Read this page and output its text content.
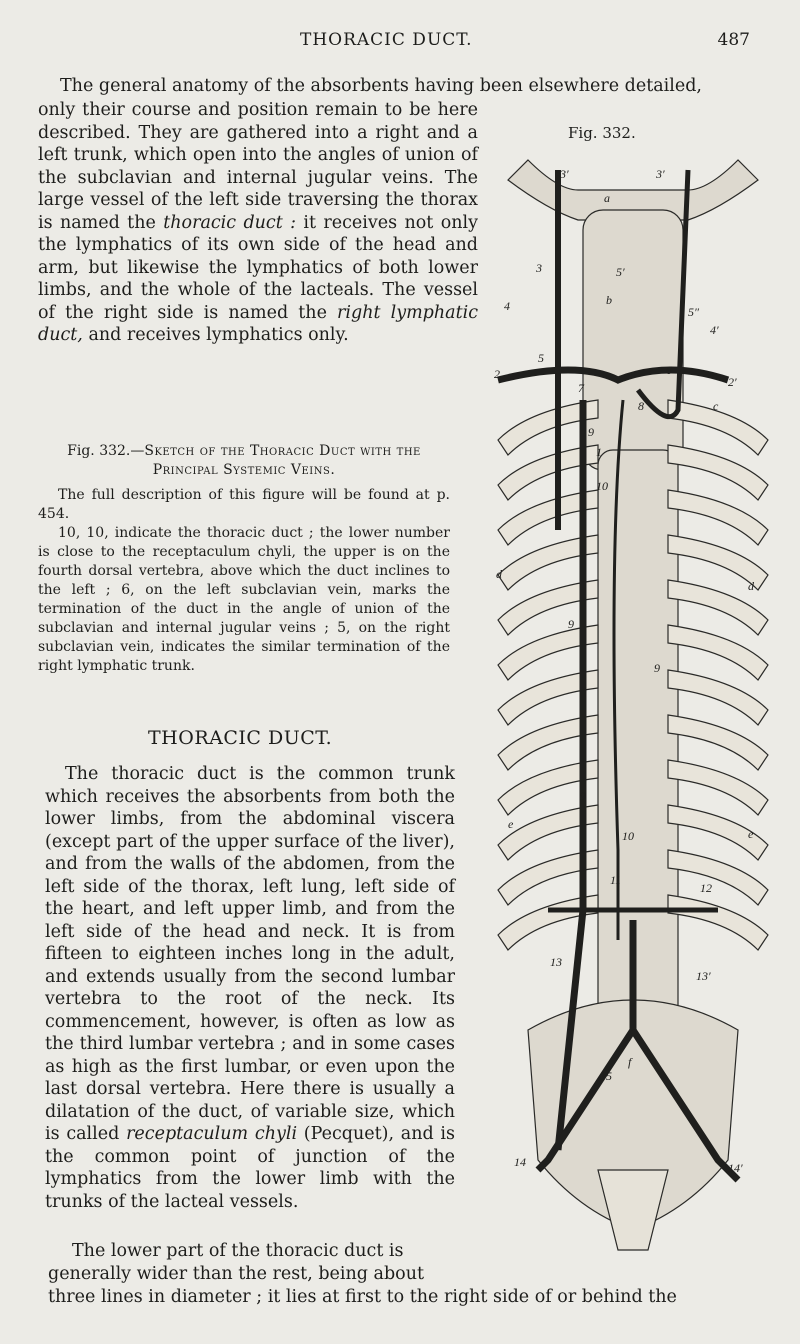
THORACIC DUCT.	487
The general anatomy of the absorbents having been elsewhere detailed,
only their course and position remain to be here described. They are gathered into a right and a left trunk, which open into the angles of union of the subclavian and internal jugular veins. The large vessel of the left side traversing the thorax is named the thoracic duct : it receives not only the lymphatics of its own side of the head and arm, but likewise the lymphatics of both lower limbs, and the whole of the lacteals. The vessel of the right side is named the right lymphatic duct, and receives lymphatics only.
Fig. 332.—Sketch of the Thoracic Duct with the Principal Systemic Veins.

The full description of this figure will be found at p. 454.

10, 10, indicate the thoracic duct ; the lower number is close to the receptaculum chyli, the upper is on the fourth dorsal vertebra, above which the duct inclines to the left ; 6, on the left subclavian vein, marks the termination of the duct in the angle of union of the subclavian and internal jugular veins ; 5, on the right subclavian vein, indicates the similar termination of the right lymphatic trunk.

THORACIC DUCT.

The thoracic duct is the common trunk which receives the absorbents from both the lower limbs, from the abdominal viscera (except part of the upper surface of the liver), and from the walls of the abdomen, from the left side of the thorax, left lung, left side of the heart, and left upper limb, and from the left side of the head and neck. It is from fifteen to eighteen inches long in the adult, and extends usually from the second lumbar vertebra to the root of the neck. Its commencement, however, is often as low as the third lumbar vertebra ; and in some cases as high as the first lumbar, or even upon the last dorsal vertebra. Here there is usually a dilatation of the duct, of variable size, which is called receptaculum chyli (Pecquet), and is the common point of junction of the lymphatics from the lower limb with the trunks of the lacteal vessels.

The lower part of the thoracic duct is
generally wider than the rest, being about
three lines in diameter ; it lies at first to the right side of or behind the
Fig. 332.
3′	3′
a
3
4
5
5′
5″
4′
b
2
2′
6
7
8	c
9
1
10
d
d
9
9
9
e
e
10
11
12
13
13′
15
f
14	14′
